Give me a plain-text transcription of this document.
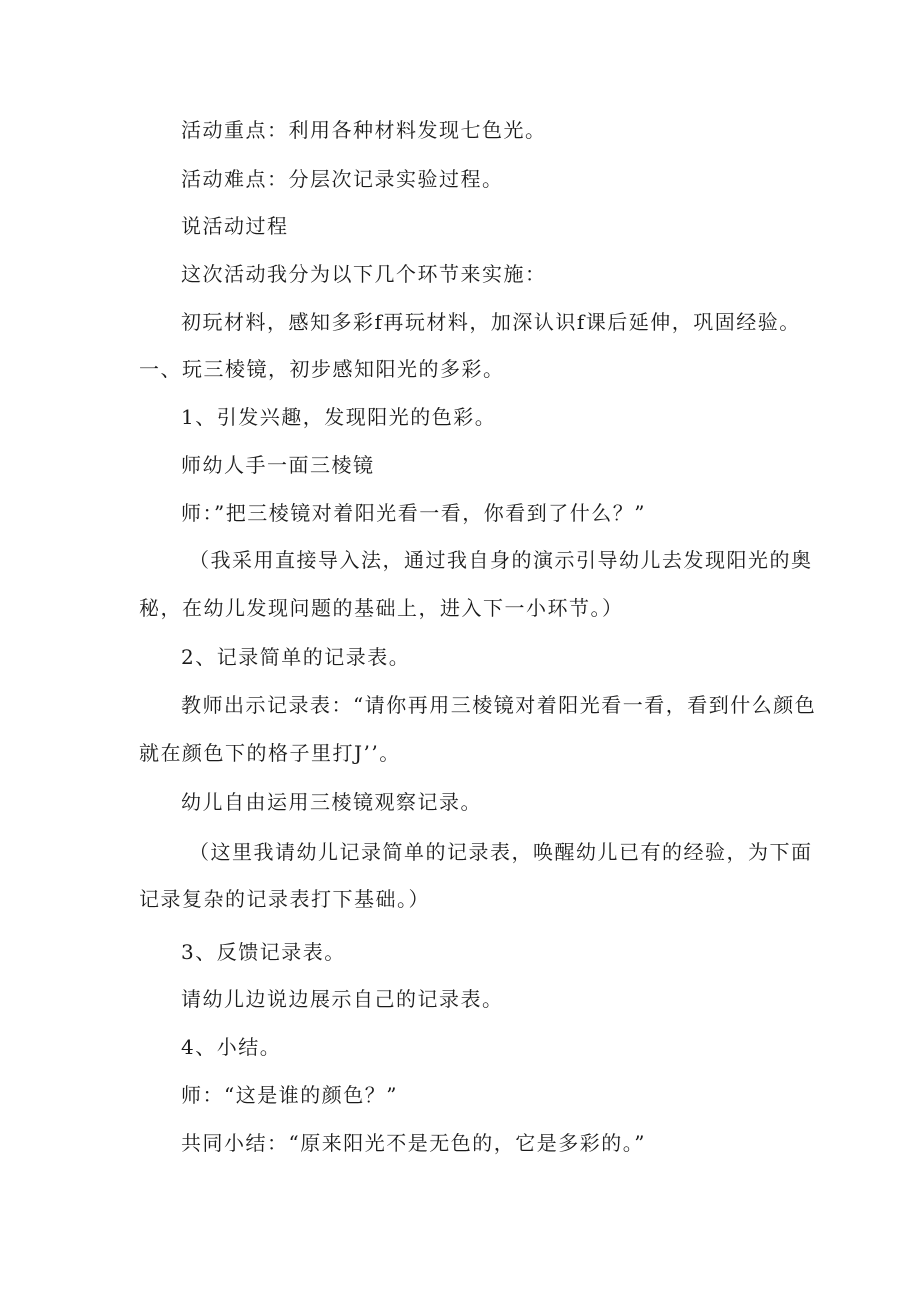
活动重点：利用各种材料发现七色光。
活动难点：分层次记录实验过程。
说活动过程
这次活动我分为以下几个环节来实施：
初玩材料，感知多彩f再玩材料，加深认识f课后延伸，巩固经验。
一、玩三棱镜，初步感知阳光的多彩。
1、引发兴趣，发现阳光的色彩。
师幼人手一面三棱镜
师：”把三棱镜对着阳光看一看，你看到了什么？”
（我采用直接导入法，通过我自身的演示引导幼儿去发现阳光的奥
秘，在幼儿发现问题的基础上，进入下一小环节。）
2、记录简单的记录表。
教师出示记录表：“请你再用三棱镜对着阳光看一看，看到什么颜色
就在颜色下的格子里打J’’。
幼儿自由运用三棱镜观察记录。
（这里我请幼儿记录简单的记录表，唤醒幼儿已有的经验，为下面
记录复杂的记录表打下基础。）
3、反馈记录表。
请幼儿边说边展示自己的记录表。
4、小结。
师：“这是谁的颜色？”
共同小结：“原来阳光不是无色的，它是多彩的。”
